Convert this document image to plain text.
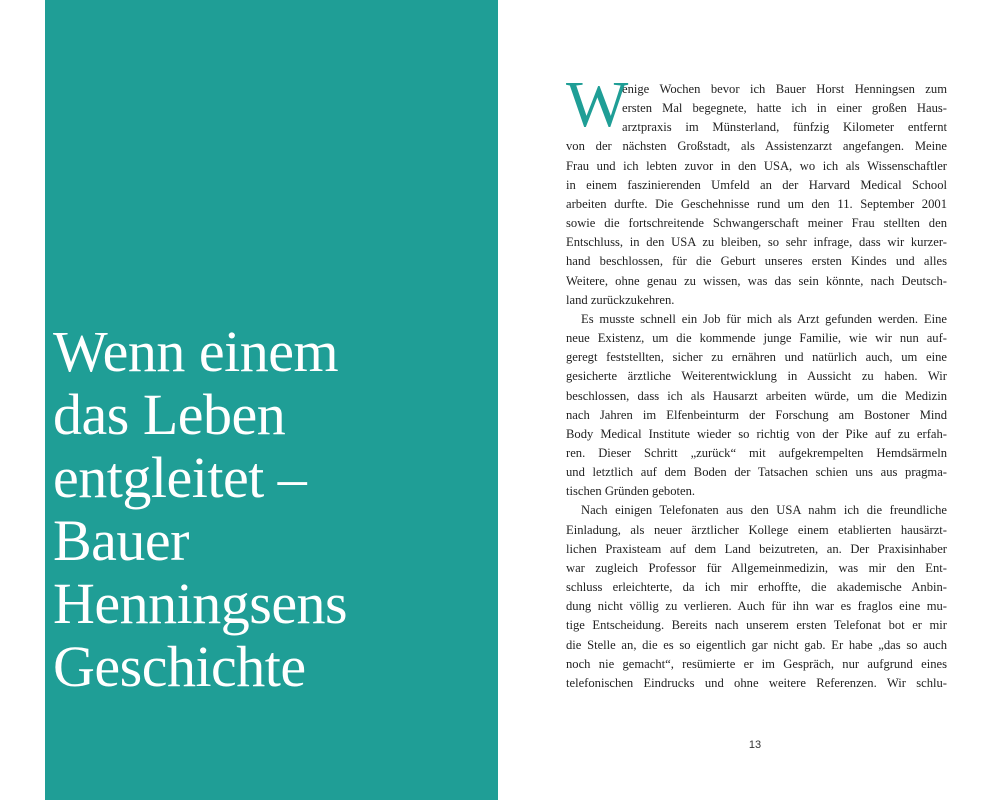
Wenn einem
das Leben
entgleitet –
Bauer
Henningsens
Geschichte
W

enige Wochen bevor ich Bauer Horst Henningsen zum
ersten Mal begegnete, hatte ich in einer großen Haus-
arztpraxis im Münsterland, fünfzig Kilometer entfernt
von der nächsten Großstadt, als Assistenzarzt angefangen. Meine
Frau und ich lebten zuvor in den USA, wo ich als Wissenschaftler
in einem faszinierenden Umfeld an der Harvard Medical School
arbeiten durfte. Die Geschehnisse rund um den 11. September 2001
sowie die fortschreitende Schwangerschaft meiner Frau stellten den
Entschluss, in den USA zu bleiben, so sehr infrage, dass wir kurzer-
hand beschlossen, für die Geburt unseres ersten Kindes und alles
Weitere, ohne genau zu wissen, was das sein könnte, nach Deutsch-
land zurückzukehren.

Es musste schnell ein Job für mich als Arzt gefunden werden. Eine
neue Existenz, um die kommende junge Familie, wie wir nun auf-
geregt feststellten, sicher zu ernähren und natürlich auch, um eine
gesicherte ärztliche Weiterentwicklung in Aussicht zu haben. Wir
beschlossen, dass ich als Hausarzt arbeiten würde, um die Medizin
nach Jahren im Elfenbeinturm der Forschung am Bostoner Mind
Body Medical Institute wieder so richtig von der Pike auf zu erfah-
ren. Dieser Schritt „zurück“ mit aufgekrempelten Hemdsärmeln
und letztlich auf dem Boden der Tatsachen schien uns aus pragma-
tischen Gründen geboten.

Nach einigen Telefonaten aus den USA nahm ich die freundliche
Einladung, als neuer ärztlicher Kollege einem etablierten hausärzt-
lichen Praxisteam auf dem Land beizutreten, an. Der Praxisinhaber
war zugleich Professor für Allgemeinmedizin, was mir den Ent-
schluss erleichterte, da ich mir erhoffte, die akademische Anbin-
dung nicht völlig zu verlieren. Auch für ihn war es fraglos eine mu-
tige Entscheidung. Bereits nach unserem ersten Telefonat bot er mir
die Stelle an, die es so eigentlich gar nicht gab. Er habe „das so auch
noch nie gemacht“, resümierte er im Gespräch, nur aufgrund eines
telefonischen Eindrucks und ohne weitere Referenzen. Wir schlu-

13
